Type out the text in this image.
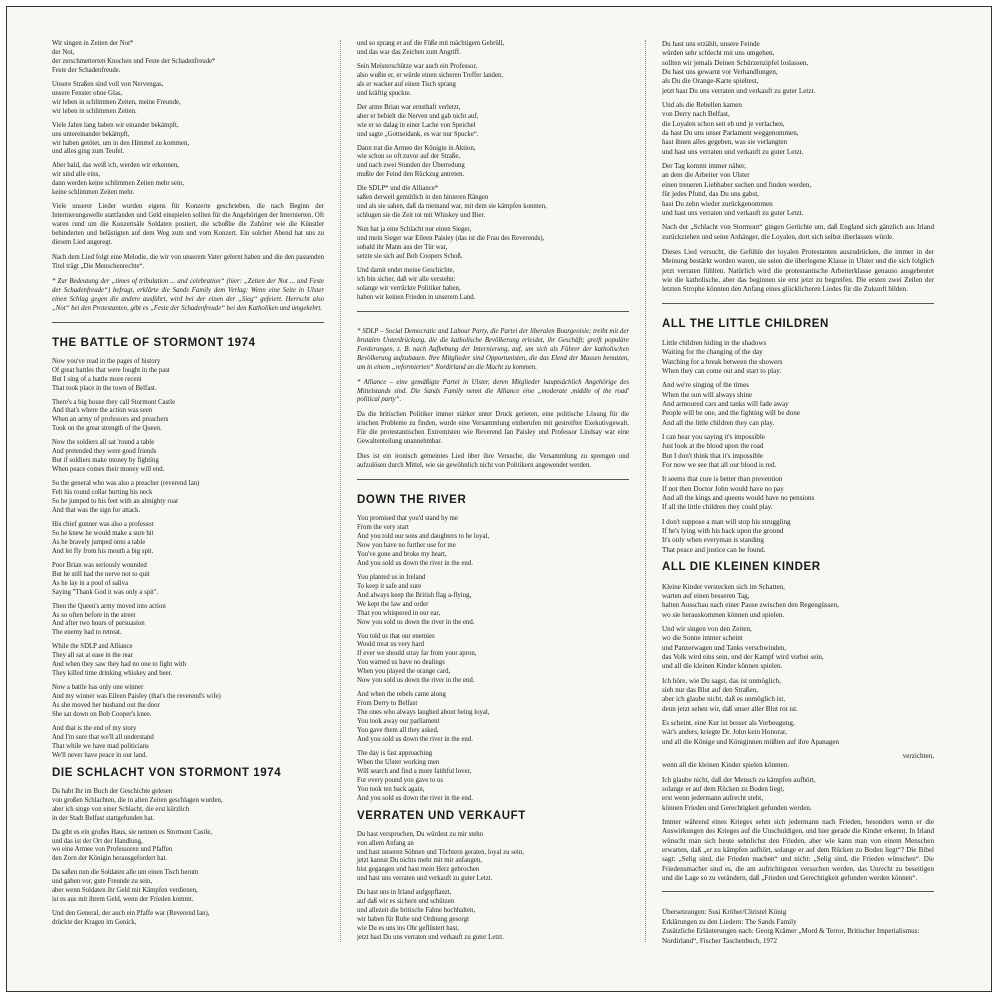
Wir singen in Zeiten der Not*
der Not,
der zerschmetterten Knochen und Feste der Schadenfreude*
Feste der Schadenfreude.
Unsere Straßen sind voll von Nervengas,
unsere Fenster ohne Glas,
wir leben in schlimmen Zeiten, meine Freunde,
wir leben in schlimmen Zeiten.
Viele Jahre lang haben wir einander bekämpft,
uns untereinander bekämpft,
wir haben getötet, um in den Himmel zu kommen,
und alles ging zum Teufel.
Aber bald, das weiß ich, werden wir erkennen,
wir sind alle eins,
dann werden keine schlimmen Zeiten mehr sein,
keine schlimmen Zeiten mehr.

Viele unserer Lieder wurden eigens für Konzerte geschrieben, die nach Beginn der Internierungswelle stattfanden und Geld einspielen sollten für die Angehörigen der Internierten. Oft waren rund um die Konzertsäle Soldaten postiert, die schoßbe die Zuhörer wie die Künstler behinderten und belästigten auf dem Weg zum und vom Konzert. Ein solcher Abend hat uns zu diesem Lied angeregt.

Nach dem Lied folgt eine Melodie, die wir von unserem Vater gelernt haben und die den passenden Titel trägt „Die Menschenrechte“.

* Zur Bedeutung der „times of tribulation ... and celebration“ (hier: „Zeiten der Not ... und Feste der Schadenfreude“) befragt, erklärte die Sands Family dem Verlag: Wenn eine Seite in Ulster einen Schlag gegen die andere ausführt, wird bei der einen der „Sieg“ gefeiert. Herrscht also „Not“ bei den Protestanten, gibt es „Feste der Schadenfreude“ bei den Katholiken und umgekehrt.

THE BATTLE OF STORMONT 1974
Now you've read in the pages of history
Of great battles that were fought in the past
But I sing of a battle more recent
That took place in the town of Belfast.
There's a big house they call Stormont Castle
And that's where the action was seen
When an army of professors and preachers
Took on the great strength of the Queen.
Now the soldiers all sat 'round a table
And pretended they were good friends
But if soldiers make money by fighting
When peace comes their money will end.
So the general who was also a preacher (reverend Ian)
Felt his round collar hurting his neck
So he jumped to his feet with an almighty roar
And that was the sign for attack.
His chief gunner was also a professor
So he knew he would make a sure hit
As he bravely jumped onto a table
And let fly from his mouth a big spit.
Poor Brian was seriously wounded
But he still had the nerve not to quit
As he lay in a pool of saliva
Saying "Thank God it was only a spit".
Then the Queen's army moved into action
As so often before in the street
And after two hours of persuasion
The enemy had to retreat.
While the SDLP and Alliance
They all sat at ease in the rear
And when they saw they had no one to fight with
They killed time drinking whiskey and beer.
Now a battle has only one winner
And my winner was Eileen Paisley (that's the reverend's wife)
As she moved her husband out the door
She sat down on Bob Cooper's knee.
And that is the end of my story
And I'm sure that we'll all understand
That while we have mad politicians
We'll never have peace in our land.
DIE SCHLACHT VON STORMONT 1974
Da habt Ihr im Buch der Geschichte gelesen
von großen Schlachten, die in alten Zeiten geschlagen wurden,
aber ich singe von einer Schlacht, die erst kürzlich
in der Stadt Belfast stattgefunden hat.
Da gibt es ein großes Haus, sie nennen es Stormont Castle,
und das ist der Ort der Handlung,
wo eine Armee von Professoren und Pfaffen
den Zorn der Königin herausgefordert hat.
Da saßen nun die Soldaten alle um einen Tisch herum
und gaben vor, gute Freunde zu sein,
aber wenn Soldaten ihr Geld mit Kämpfen verdienen,
ist es aus mit ihrem Geld, wenn der Frieden kommt.
Und den General, der auch ein Pfaffe war (Reverend Ian),
drückte der Kragen im Genick,
und so sprang er auf die Füße mit mächtigem Gebrüll,
und das war das Zeichen zum Angriff.
Sein Meisterschütze war auch ein Professor,
also wußte er, er würde einen sicheren Treffer landen,
als er wacker auf einen Tisch sprang
und kräftig spuckte.
Der arme Brian war ernsthaft verletzt,
aber er behielt die Nerven und gab nicht auf,
wie er so dalag in einer Lache von Speichel
und sagte „Gottseidank, es war nur Spucke“.
Dann trat die Armee der Königin in Aktion,
wie schon so oft zuvor auf der Straße,
und nach zwei Stunden der Überredung
mußte der Feind den Rückzug antreten.
Die SDLP* und die Alliance*
saßen derweil gemütlich in den hinteren Rängen
und als sie sahen, daß da niemand war, mit dem sie kämpfen konnten,
schlugen sie die Zeit tot mit Whiskey und Bier.
Nun hat ja eine Schlacht nur einen Sieger,
und mein Sieger war Eileen Paisley (das ist die Frau des Reverends),
sobald ihr Mann aus der Tür war,
setzte sie sich auf Bob Coopers Schoß.
Und damit endet meine Geschichte,
ich bin sicher, daß wir alle verstehn:
solange wir verrückte Politiker haben,
haben wir keinen Frieden in unserem Land.

* SDLP – Social Democratic and Labour Party, die Partei der liberalen Bourgeoisie; treibt mit der brutalen Unterdrückung, die die katholische Bevölkerung erleidet, ihr Geschäft; greift populäre Forderungen, z. B. nach Aufhebung der Internierung, auf, um sich als Führer der katholischen Bevölkerung aufzubauen. Ihre Mitglieder sind Opportunisten, die das Elend der Massen benutzen, um in einem „reformierten“ Nordirland an die Macht zu kommen.

* Alliance – eine gemäßigte Partei in Ulster, deren Mitglieder hauptsächlich Angehörige des Mittelstands sind. Die Sands Family nennt die Alliance eine „moderate ,middle of the road' political party“.

Da die britischen Politiker immer stärker unter Druck gerieten, eine politische Lösung für die irischen Probleme zu finden, wurde eine Versammlung einberufen mit gestreifter Exekutivgewalt. Für die protestantischen Extremisten wie Reverend Ian Paisley und Professor Lindsay war eine Gewaltenteilung unannehmbar.

Dies ist ein ironisch gemeintes Lied über ihre Versuche, die Versammlung zu sprengen und aufzulösen durch Mittel, wie sie gewöhnlich nicht von Politikern angewendet werden.

DOWN THE RIVER
You promised that you'd stand by me
From the very start
And you told our sons and daughters to be loyal,
Now you have no further use for me
You've gone and broke my heart,
And you sold us down the river in the end.
You planted us in Ireland
To keep it safe and sure
And always keep the British flag a-flying,
We kept the law and order
That you whispered in our ear,
Now you sold us down the river in the end.
You told us that our enemies
Would treat us very hard
If ever we should stray far from your apron,
You warned us have no dealings
When you played the orange card,
Now you sold us down the river in the end.
And when the rebels came along
From Derry to Belfast
The ones who always laughed about being loyal,
You took away our parliament
You gave them all they asked,
And you sold us down the river in the end.
The day is fast approaching
When the Ulster working men
Will search and find a more faithful lover,
For every pound you gave to us
You took ten back again,
And you sold us down the river in the end.
VERRATEN UND VERKAUFT
Du hast versprochen, Du würdest zu mir stehn
von allem Anfang an
und hast unseren Söhnen und Töchtern geraten, loyal zu sein,
jetzt kannst Du nichts mehr mit mir anfangen,
bist gegangen und hast mein Herz gebrochen
und hast uns verraten und verkauft zu guter Letzt.
Du hast uns in Irland aufgepflanzt,
auf daß wir es sichern und schützen
und allezeit die britische Fahne hochhalten,
wir haben für Ruhe und Ordnung gesorgt
wie Du es uns ins Ohr geflüstert hast,
jetzt hast Du uns verraten und verkauft zu guter Letzt.
Du hast uns erzählt, unsere Feinde
würden sehr schlecht mit uns umgehen,
sollten wir jemals Deinen Schürzenzipfel loslassen,
Du hast uns gewarnt vor Verhandlungen,
als Du die Orange-Karte spieltest,
jetzt hast Du uns verraten und verkauft zu guter Letzt.
Und als die Rebellen kamen
von Derry nach Belfast,
die Loyalen schon seit eh und je verlachen,
da hast Du uns unser Parlament weggenommen,
hast ihnen alles gegeben, was sie verlangten
und hast uns verraten und verkauft zu guter Letzt.
Der Tag kommt immer näher,
an dem die Arbeiter von Ulster
einen treueren Liebhaber suchen und finden werden,
für jedes Pfund, das Du uns gabst,
hast Du zehn wieder zurückgenommen
und hast uns verraten und verkauft zu guter Letzt.

Nach der „Schlacht von Stormont“ gingen Gerüchte um, daß England sich gänzlich aus Irland zurückziehen und seine Anhänger, die Loyalen, dort sich selbst überlassen würde.

Dieses Lied versucht, die Gefühle der loyalen Protestanten auszudrücken, die immer in der Meinung bestärkt worden waren, sie seien die überlegene Klasse in Ulster und die sich folglich jetzt verraten fühlten. Natürlich wird die protestantische Arbeiterklasse genauso ausgebeutet wie die katholische, aber das beginnen sie erst jetzt zu begreifen. Die ersten zwei Zeilen der letzten Strophe könnten den Anfang eines glücklicheren Liedes für die Zukunft bilden.

ALL THE LITTLE CHILDREN
Little children hiding in the shadows
Waiting for the changing of the day
Watching for a break between the showers
When they can come out and start to play.
And we're singing of the times
When the sun will always shine
And armoured cars and tanks will fade away
People will be one, and the fighting will be done
And all the little children they can play.
I can hear you saying it's impossible
Just look at the blood upon the road
But I don't think that it's impossible
For now we see that all our blood is red.
It seems that cure is better than prevention
If not then Doctor John would have no pay
And all the kings and queens would have no pensions
If all the little children they could play.
I don't suppose a man will stop his struggling
If he's lying with his back upon the ground
It's only when everyman is standing
That peace and justice can be found.
ALL DIE KLEINEN KINDER
Kleine Kinder verstecken sich im Schatten,
warten auf einen besseren Tag,
halten Ausschau nach einer Pause zwischen den Regengüssen,
wo sie herauskommen können und spielen.
Und wir singen von den Zeiten,
wo die Sonne immer scheint
und Panzerwagen und Tanks verschwinden,
das Volk wird eins sein, und der Kampf wird vorbei sein,
und all die kleinen Kinder können spielen.
Ich höre, wie Du sagst, das ist unmöglich,
sieh nur das Blut auf den Straßen,
aber ich glaube nicht, daß es unmöglich ist,
denn jetzt sehen wir, daß unser aller Blut rot ist.
Es scheint, eine Kur ist besser als Vorbeugung,
wär's anders, kriegte Dr. John kein Honorar,
und all die Könige und Königinnen müßten auf ihre Apanagen
verzichten,
wenn all die kleinen Kinder spielen könnten.
Ich glaube nicht, daß der Mensch zu kämpfen aufhört,
solange er auf dem Rücken zu Boden liegt,
erst wenn jedermann aufrecht steht,
können Frieden und Gerechtigkeit gefunden werden.

Immer während eines Krieges sehnt sich jedermann nach Frieden, besonders wenn er die Auswirkungen des Krieges auf die Unschuldigen, und hier gerade die Kinder erkennt. In Irland wünscht man sich heute sehnlichst den Frieden, aber wie kann man von einem Menschen erwarten, daß „er zu kämpfen aufhört, solange er auf dem Rücken zu Boden liegt“? Die Bibel sagt: „Selig sind, die Frieden machen“ und nicht: „Selig sind, die Frieden wünschen“. Die Friedensmacher sind es, die am aufrichtigsten versuchen werden, das Unrecht zu beseitigen und die Lage so zu verändern, daß „Frieden und Gerechtigkeit gefunden werden können“.

Übersetzungen: Susi Kröher/Christel König
Erklärungen zu den Liedern: The Sands Family
Zusätzliche Erläuterungen nach: Georg Krämer „Mord & Terror, Britischer Imperialismus: Nordirland“, Fischer Taschenbuch, 1972
